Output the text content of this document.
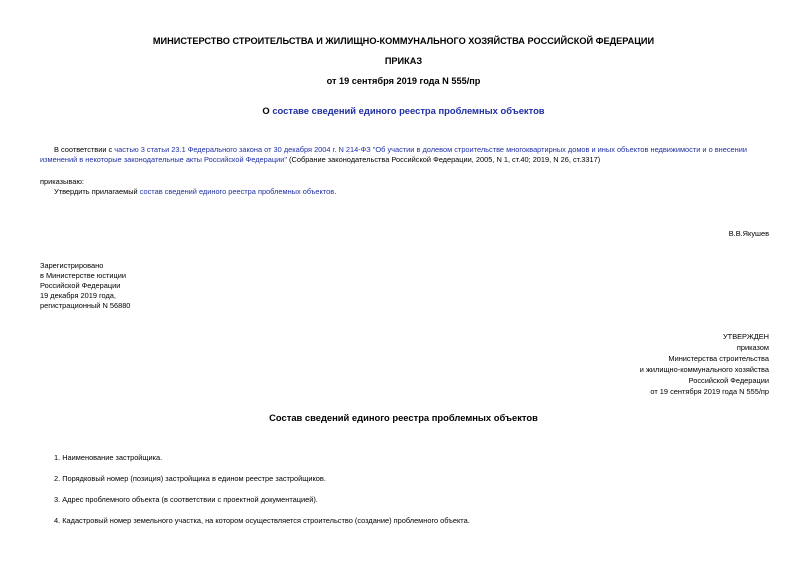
МИНИСТЕРСТВО СТРОИТЕЛЬСТВА И ЖИЛИЩНО-КОММУНАЛЬНОГО ХОЗЯЙСТВА РОССИЙСКОЙ ФЕДЕРАЦИИ
ПРИКАЗ
от 19 сентября 2019 года N 555/пр
О составе сведений единого реестра проблемных объектов
В соответствии с частью 3 статьи 23.1 Федерального закона от 30 декабря 2004 г. N 214-ФЗ "Об участии в долевом строительстве многоквартирных домов и иных объектов недвижимости и о внесении изменений в некоторые законодательные акты Российской Федерации" (Собрание законодательства Российской Федерации, 2005, N 1, ст.40; 2019, N 26, ст.3317)
приказываю:
Утвердить прилагаемый состав сведений единого реестра проблемных объектов.
В.В.Якушев
Зарегистрировано
в Министерстве юстиции
Российской Федерации
19 декабря 2019 года,
регистрационный N 56880
УТВЕРЖДЕН
приказом
Министерства строительства
и жилищно-коммунального хозяйства
Российской Федерации
от 19 сентября 2019 года N 555/пр
Состав сведений единого реестра проблемных объектов
1. Наименование застройщика.
2. Порядковый номер (позиция) застройщика в едином реестре застройщиков.
3. Адрес проблемного объекта (в соответствии с проектной документацией).
4. Кадастровый номер земельного участка, на котором осуществляется строительство (создание) проблемного объекта.
